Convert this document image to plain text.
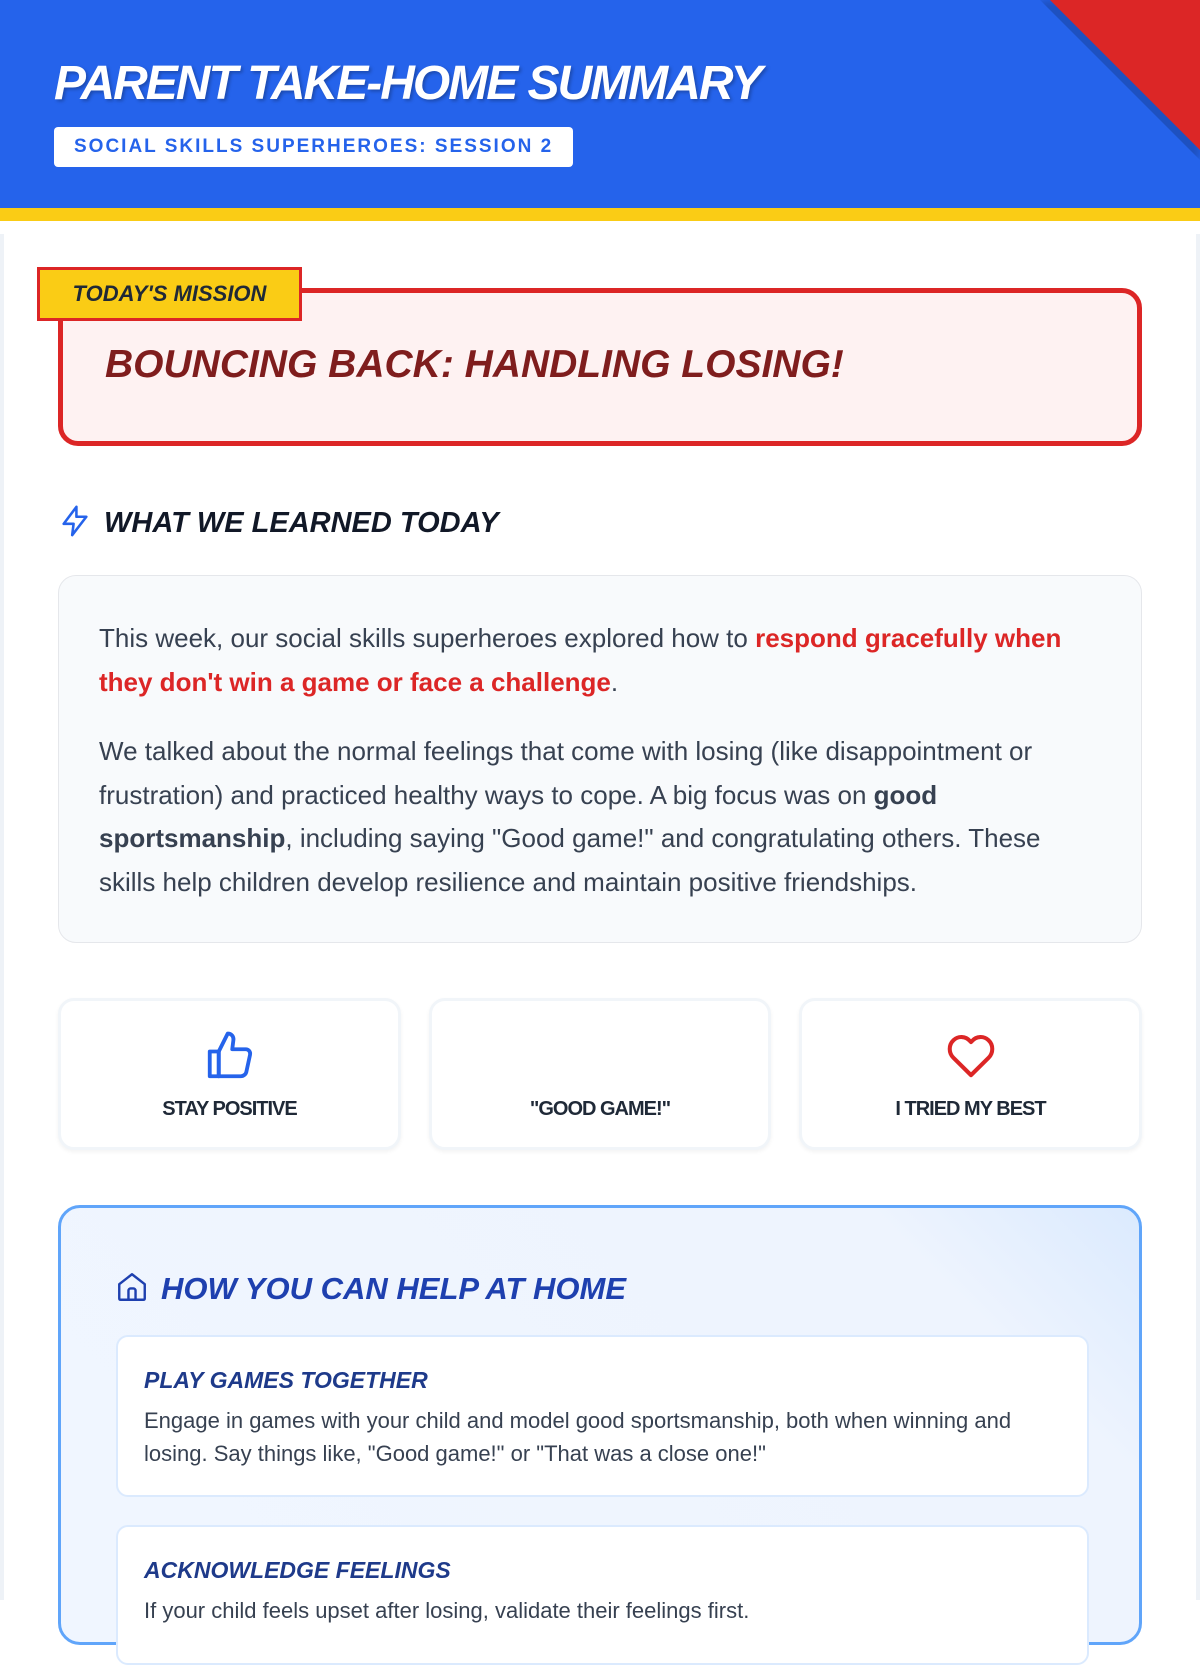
PARENT TAKE-HOME SUMMARY
SOCIAL SKILLS SUPERHEROES: SESSION 2
TODAY'S MISSION
BOUNCING BACK: HANDLING LOSING!
WHAT WE LEARNED TODAY

This week, our social skills superheroes explored how to respond gracefully when they don't win a game or face a challenge.

We talked about the normal feelings that come with losing (like disappointment or frustration) and practiced healthy ways to cope. A big focus was on good sportsmanship, including saying "Good game!" and congratulating others. These skills help children develop resilience and maintain positive friendships.

STAY POSITIVE	"GOOD GAME!"	I TRIED MY BEST
HOW YOU CAN HELP AT HOME
PLAY GAMES TOGETHER
Engage in games with your child and model good sportsmanship, both when winning and losing. Say things like, "Good game!" or "That was a close one!"
ACKNOWLEDGE FEELINGS
If your child feels upset after losing, validate their feelings first.
